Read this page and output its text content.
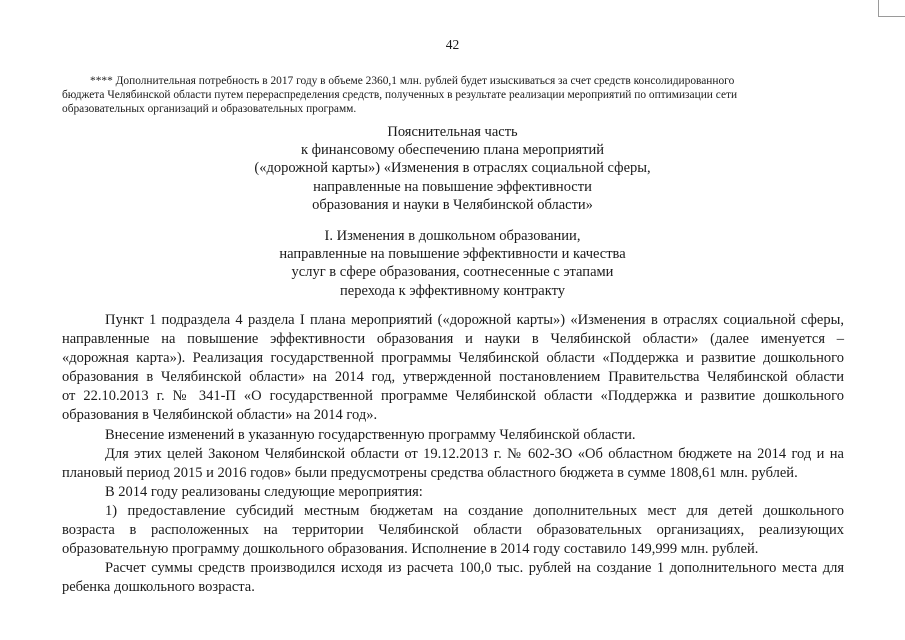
42
**** Дополнительная потребность в 2017 году в объеме 2360,1 млн. рублей будет изыскиваться за счет средств консолидированного
бюджета Челябинской области путем перераспределения средств, полученных в результате реализации мероприятий по оптимизации сети
образовательных организаций и образовательных программ.
Пояснительная часть
к финансовому обеспечению плана мероприятий
(«дорожной карты») «Изменения в отраслях социальной сферы,
направленные на повышение эффективности
образования и науки в Челябинской области»
I. Изменения в дошкольном образовании,
направленные на повышение эффективности и качества
услуг в сфере образования, соотнесенные с этапами
перехода к эффективному контракту
Пункт 1 подраздела 4 раздела I плана мероприятий («дорожной карты») «Изменения в отраслях социальной сферы,
направленные на повышение эффективности образования и науки в Челябинской области» (далее именуется –
«дорожная карта»). Реализация государственной программы Челябинской области «Поддержка и развитие дошкольного
образования в Челябинской области» на 2014 год, утвержденной постановлением Правительства Челябинской области
от 22.10.2013 г. № 341-П «О государственной программе Челябинской области «Поддержка и развитие дошкольного
образования в Челябинской области» на 2014 год».
Внесение изменений в указанную государственную программу Челябинской области.
Для этих целей Законом Челябинской области от 19.12.2013 г. № 602-ЗО «Об областном бюджете на 2014 год и на
плановый период 2015 и 2016 годов» были предусмотрены средства областного бюджета в сумме 1808,61 млн. рублей.
В 2014 году реализованы следующие мероприятия:
1) предоставление субсидий местным бюджетам на создание дополнительных мест для детей дошкольного
возраста в расположенных на территории Челябинской области образовательных организациях, реализующих
образовательную программу дошкольного образования. Исполнение в 2014 году составило 149,999 млн. рублей.
Расчет суммы средств производился исходя из расчета 100,0 тыс. рублей на создание 1 дополнительного места для
ребенка дошкольного возраста.
